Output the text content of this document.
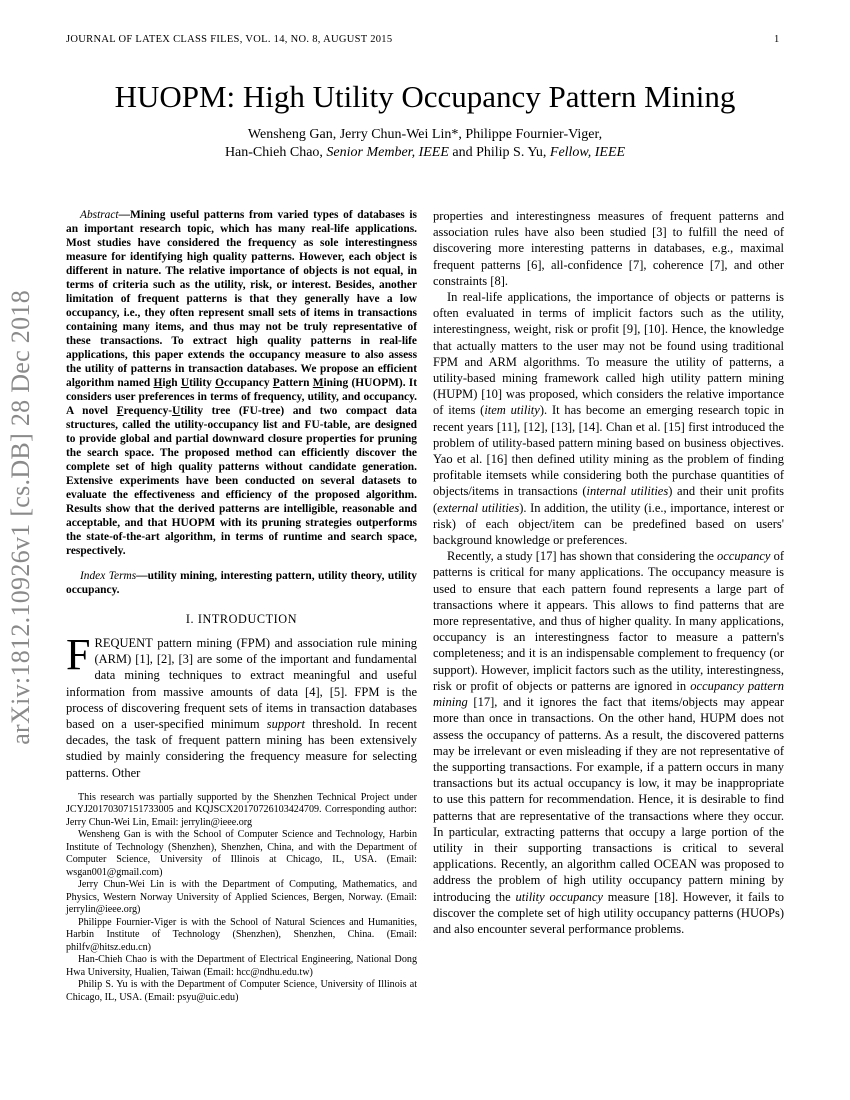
JOURNAL OF LATEX CLASS FILES, VOL. 14, NO. 8, AUGUST 2015	1
arXiv:1812.10926v1 [cs.DB] 28 Dec 2018
HUOPM: High Utility Occupancy Pattern Mining
Wensheng Gan, Jerry Chun-Wei Lin*, Philippe Fournier-Viger,
Han-Chieh Chao, Senior Member, IEEE and Philip S. Yu, Fellow, IEEE

Abstract—Mining useful patterns from varied types of databases is an important research topic, which has many real-life applications. Most studies have considered the frequency as sole interestingness measure for identifying high quality patterns. However, each object is different in nature. The relative importance of objects is not equal, in terms of criteria such as the utility, risk, or interest. Besides, another limitation of frequent patterns is that they generally have a low occupancy, i.e., they often represent small sets of items in transactions containing many items, and thus may not be truly representative of these transactions. To extract high quality patterns in real-life applications, this paper extends the occupancy measure to also assess the utility of patterns in transaction databases. We propose an efficient algorithm named High Utility Occupancy Pattern Mining (HUOPM). It considers user preferences in terms of frequency, utility, and occupancy. A novel Frequency-Utility tree (FU-tree) and two compact data structures, called the utility-occupancy list and FU-table, are designed to provide global and partial downward closure properties for pruning the search space. The proposed method can efficiently discover the complete set of high quality patterns without candidate generation. Extensive experiments have been conducted on several datasets to evaluate the effectiveness and efficiency of the proposed algorithm. Results show that the derived patterns are intelligible, reasonable and acceptable, and that HUOPM with its pruning strategies outperforms the state-of-the-art algorithm, in terms of runtime and search space, respectively.

Index Terms—utility mining, interesting pattern, utility theory, utility occupancy.

I. INTRODUCTION

FREQUENT pattern mining (FPM) and association rule mining (ARM) [1], [2], [3] are some of the important and fundamental data mining techniques to extract meaningful and useful information from massive amounts of data [4], [5]. FPM is the process of discovering frequent sets of items in transaction databases based on a user-specified minimum support threshold. In recent decades, the task of frequent pattern mining has been extensively studied by mainly considering the frequency measure for selecting patterns. Other

This research was partially supported by the Shenzhen Technical Project under JCYJ20170307151733005 and KQJSCX20170726103424709. Corresponding author: Jerry Chun-Wei Lin, Email: jerrylin@ieee.org

Wensheng Gan is with the School of Computer Science and Technology, Harbin Institute of Technology (Shenzhen), Shenzhen, China, and with the Department of Computer Science, University of Illinois at Chicago, IL, USA. (Email: wsgan001@gmail.com)

Jerry Chun-Wei Lin is with the Department of Computing, Mathematics, and Physics, Western Norway University of Applied Sciences, Bergen, Norway. (Email: jerrylin@ieee.org)

Philippe Fournier-Viger is with the School of Natural Sciences and Humanities, Harbin Institute of Technology (Shenzhen), Shenzhen, China. (Email: philfv@hitsz.edu.cn)

Han-Chieh Chao is with the Department of Electrical Engineering, National Dong Hwa University, Hualien, Taiwan (Email: hcc@ndhu.edu.tw)

Philip S. Yu is with the Department of Computer Science, University of Illinois at Chicago, IL, USA. (Email: psyu@uic.edu)

properties and interestingness measures of frequent patterns and association rules have also been studied [3] to fulfill the need of discovering more interesting patterns in databases, e.g., maximal frequent patterns [6], all-confidence [7], coherence [7], and other constraints [8].

In real-life applications, the importance of objects or patterns is often evaluated in terms of implicit factors such as the utility, interestingness, weight, risk or profit [9], [10]. Hence, the knowledge that actually matters to the user may not be found using traditional FPM and ARM algorithms. To measure the utility of patterns, a utility-based mining framework called high utility pattern mining (HUPM) [10] was proposed, which considers the relative importance of items (item utility). It has become an emerging research topic in recent years [11], [12], [13], [14]. Chan et al. [15] first introduced the problem of utility-based pattern mining based on business objectives. Yao et al. [16] then defined utility mining as the problem of finding profitable itemsets while considering both the purchase quantities of objects/items in transactions (internal utilities) and their unit profits (external utilities). In addition, the utility (i.e., importance, interest or risk) of each object/item can be predefined based on users' background knowledge or preferences.

Recently, a study [17] has shown that considering the occupancy of patterns is critical for many applications. The occupancy measure is used to ensure that each pattern found represents a large part of transactions where it appears. This allows to find patterns that are more representative, and thus of higher quality. In many applications, occupancy is an interestingness factor to measure a pattern's completeness; and it is an indispensable complement to frequency (or support). However, implicit factors such as the utility, interestingness, risk or profit of objects or patterns are ignored in occupancy pattern mining [17], and it ignores the fact that items/objects may appear more than once in transactions. On the other hand, HUPM does not assess the occupancy of patterns. As a result, the discovered patterns may be irrelevant or even misleading if they are not representative of the supporting transactions. For example, if a pattern occurs in many transactions but its actual occupancy is low, it may be inappropriate to use this pattern for recommendation. Hence, it is desirable to find patterns that are representative of the transactions where they occur. In particular, extracting patterns that occupy a large portion of the utility in their supporting transactions is critical to several applications. Recently, an algorithm called OCEAN was proposed to address the problem of high utility occupancy pattern mining by introducing the utility occupancy measure [18]. However, it fails to discover the complete set of high utility occupancy patterns (HUOPs) and also encounter several performance problems.
